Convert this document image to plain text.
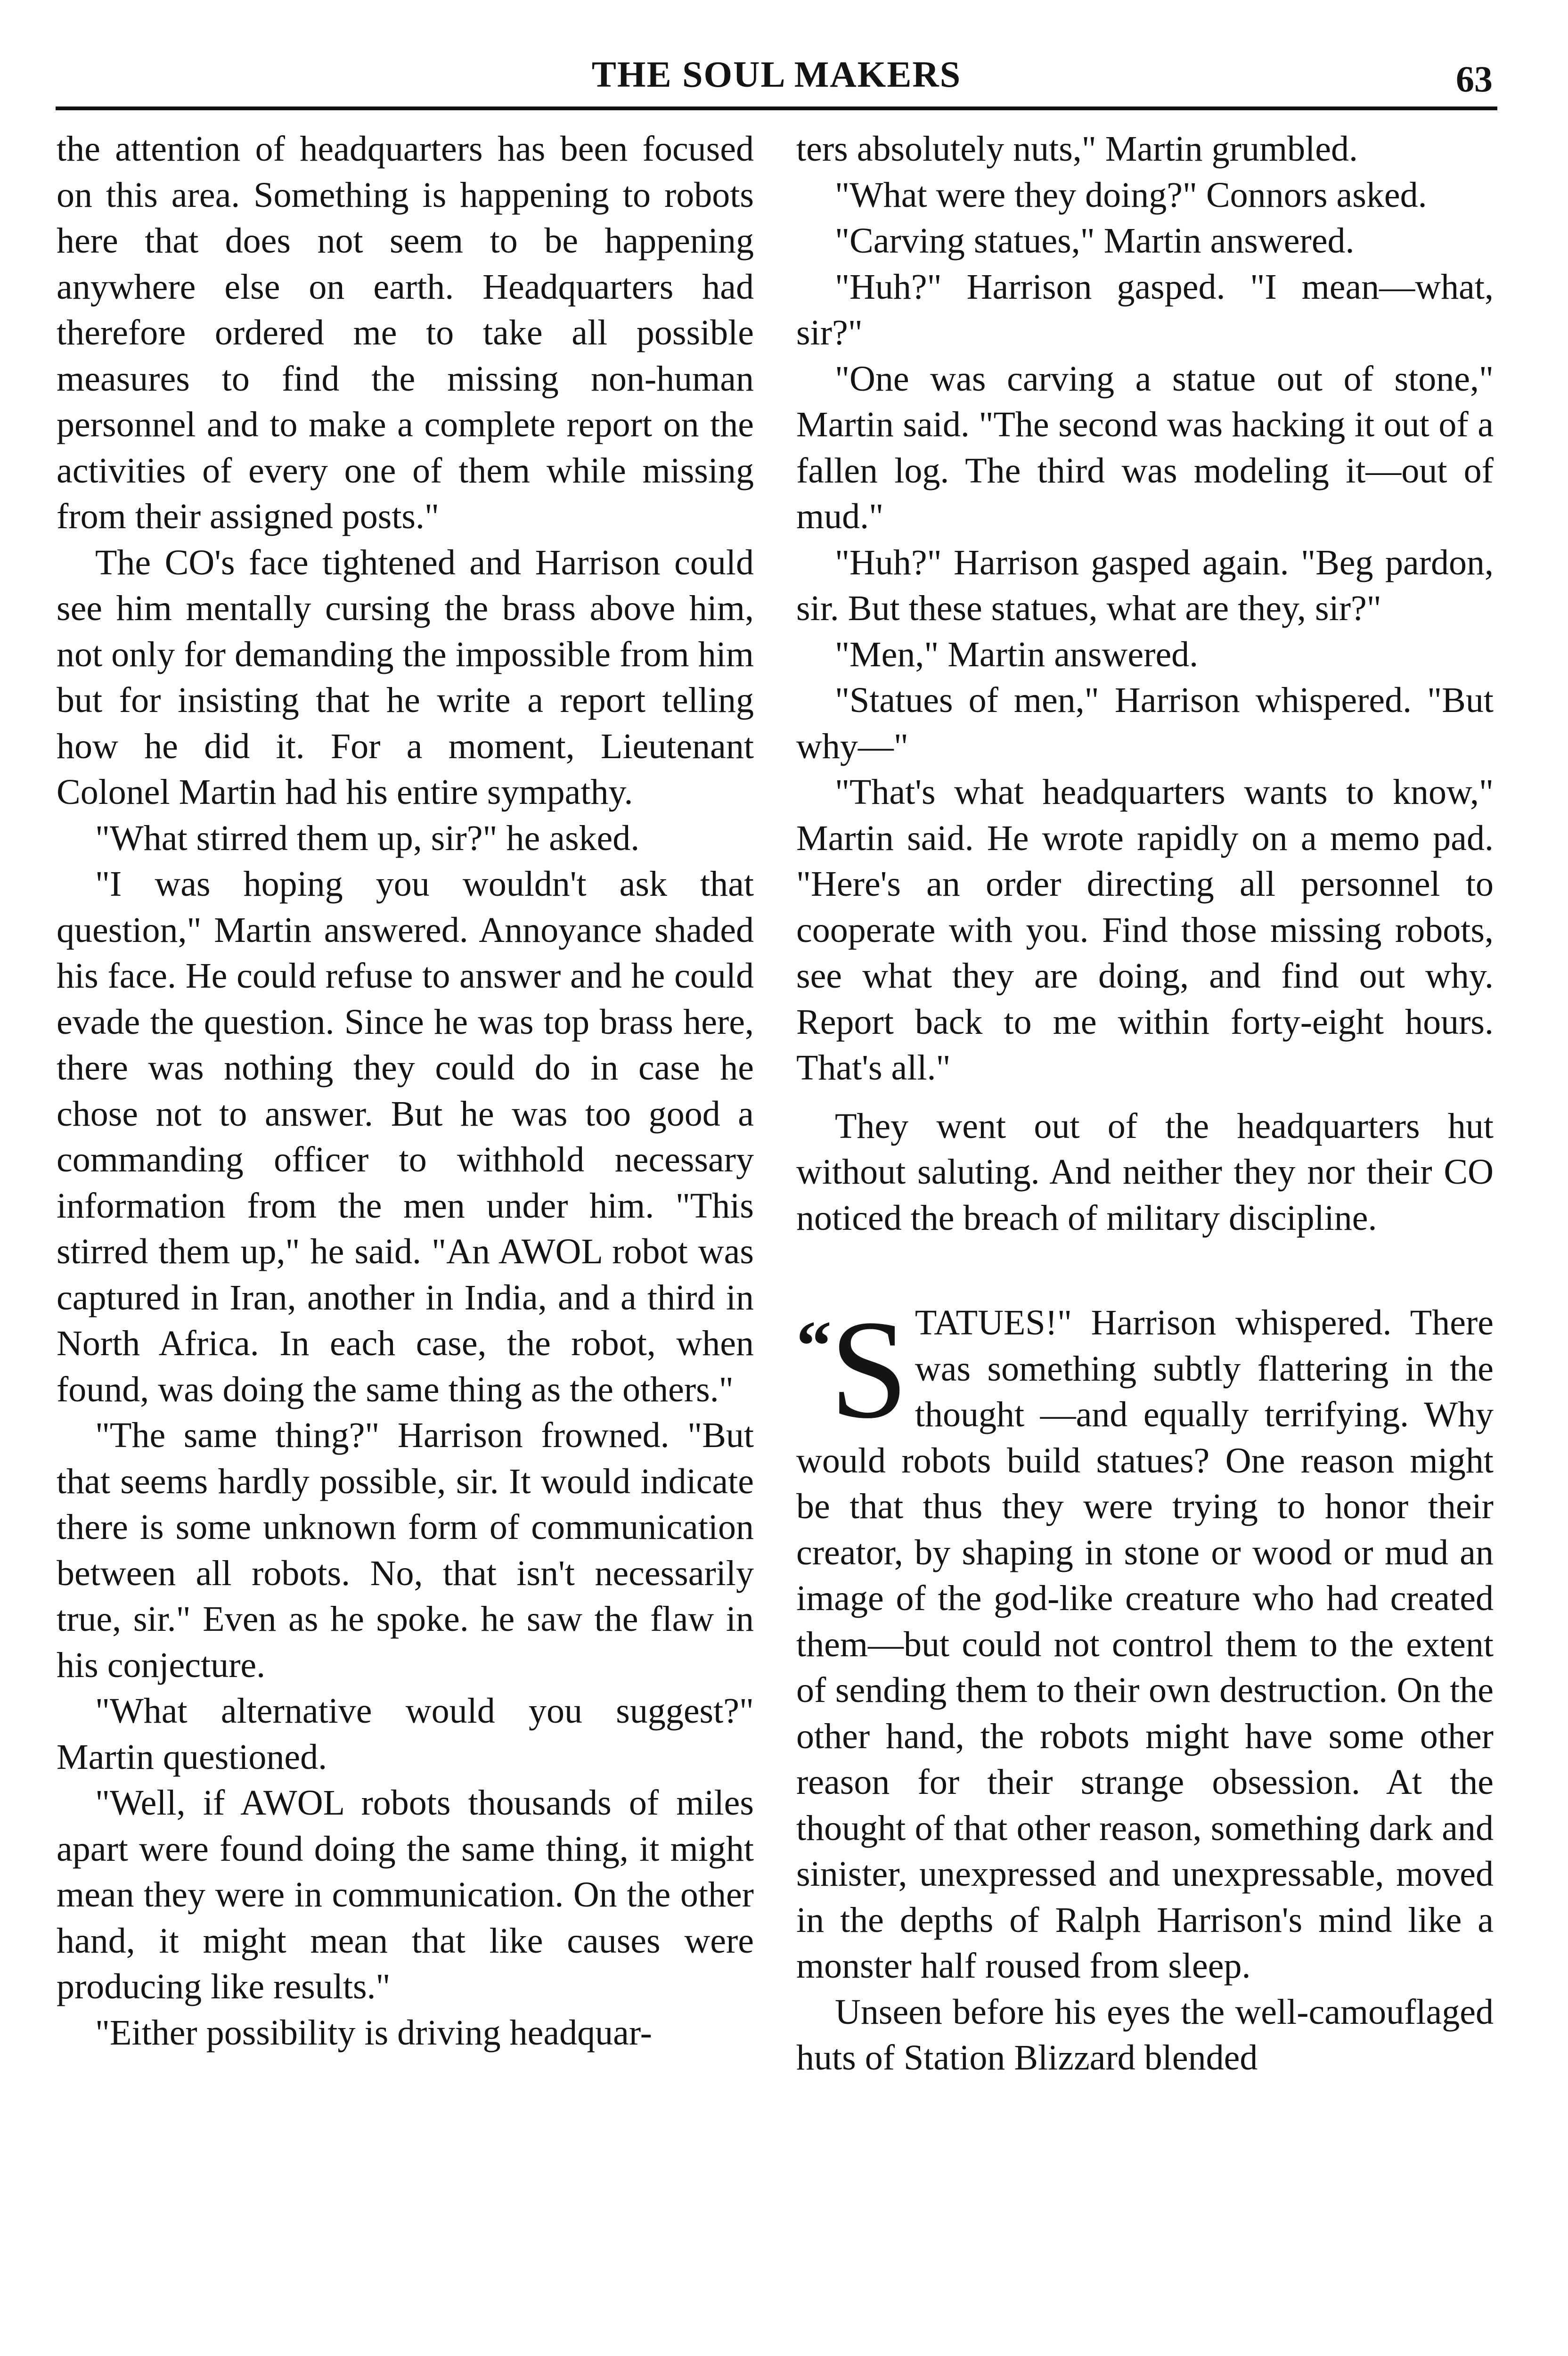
THE SOUL MAKERS	63

the attention of headquarters has been focused on this area. Something is happening to robots here that does not seem to be happening anywhere else on earth. Headquarters had therefore ordered me to take all possible measures to find the missing non-human personnel and to make a complete report on the activities of every one of them while missing from their assigned posts."

The CO's face tightened and Harrison could see him mentally cursing the brass above him, not only for demanding the impossible from him but for insisting that he write a report telling how he did it. For a moment, Lieutenant Colonel Martin had his entire sympathy.

"What stirred them up, sir?" he asked.

"I was hoping you wouldn't ask that question," Martin answered. Annoyance shaded his face. He could refuse to answer and he could evade the question. Since he was top brass here, there was nothing they could do in case he chose not to answer. But he was too good a commanding officer to withhold necessary information from the men under him. "This stirred them up," he said. "An AWOL robot was captured in Iran, another in India, and a third in North Africa. In each case, the robot, when found, was doing the same thing as the others."

"The same thing?" Harrison frowned. "But that seems hardly possible, sir. It would indicate there is some unknown form of communication between all robots. No, that isn't necessarily true, sir." Even as he spoke. he saw the flaw in his conjecture.

"What alternative would you suggest?" Martin questioned.

"Well, if AWOL robots thousands of miles apart were found doing the same thing, it might mean they were in communication. On the other hand, it might mean that like causes were producing like results."

"Either possibility is driving headquar-

ters absolutely nuts," Martin grumbled.

"What were they doing?" Connors asked.

"Carving statues," Martin answered.

"Huh?" Harrison gasped. "I mean—what, sir?"

"One was carving a statue out of stone," Martin said. "The second was hacking it out of a fallen log. The third was modeling it—out of mud."

"Huh?" Harrison gasped again. "Beg pardon, sir. But these statues, what are they, sir?"

"Men," Martin answered.

"Statues of men," Harrison whispered. "But why—"

"That's what headquarters wants to know," Martin said. He wrote rapidly on a memo pad. "Here's an order directing all personnel to cooperate with you. Find those missing robots, see what they are doing, and find out why. Report back to me within forty-eight hours. That's all."

They went out of the headquarters hut without saluting. And neither they nor their CO noticed the breach of military discipline.

“S TATUES!" Harrison whispered. There was something subtly flattering in the thought —and equally terrifying. Why would robots build statues? One reason might be that thus they were trying to honor their creator, by shaping in stone or wood or mud an image of the god-like creature who had created them—but could not control them to the extent of sending them to their own destruction. On the other hand, the robots might have some other reason for their strange obsession. At the thought of that other reason, something dark and sinister, unexpressed and unexpressable, moved in the depths of Ralph Harrison's mind like a monster half roused from sleep.

Unseen before his eyes the well-camouflaged huts of Station Blizzard blended
